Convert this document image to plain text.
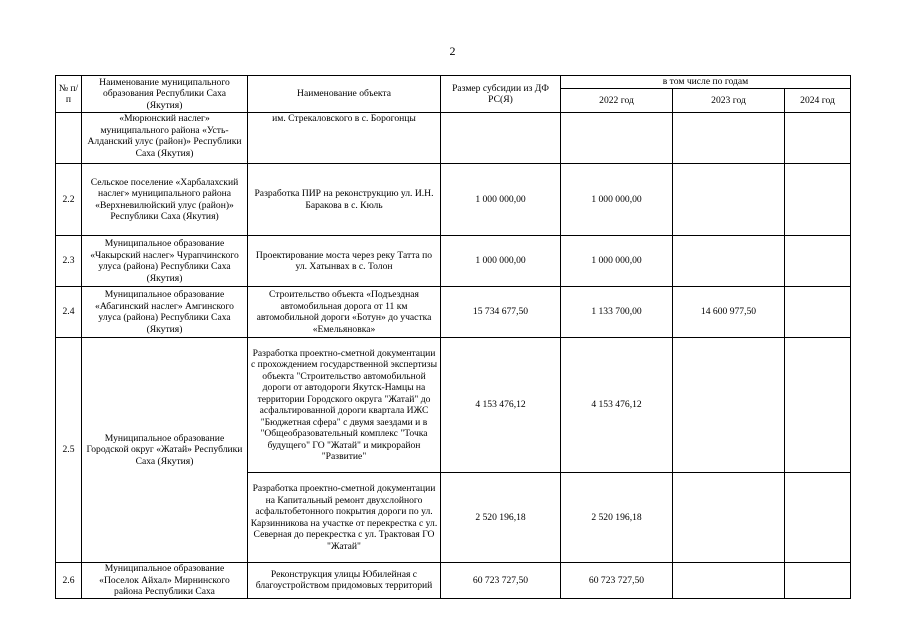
2
№ п/п	Наименование муниципального образования Республики Саха (Якутия)	Наименование объекта	Размер субсидии из ДФ РС(Я)	в том числе по годам		
				2022 год	2023 год	2024 год
	«Мюрюнский наслег» муниципального района «Усть-Алданский улус (район)» Республики Саха (Якутия)	им. Стрекаловского в с. Борогонцы				
2.2	Сельское поселение «Хаpбалахский наслег» муниципального района «Верхневилюйский улус (район)» Республики Саха (Якутия)	Разработка ПИР на реконструкцию ул. И.Н. Баракова в с. Кюль	1 000 000,00	1 000 000,00		
2.3	Муниципальное образование «Чакырский наслег» Чурапчинского улуса (района) Республики Саха (Якутия)	Проектирование моста через реку Татта по ул. Хатынвах в с. Толон	1 000 000,00	1 000 000,00		
2.4	Муниципальное образование «Абагинский наслег» Амгинского улуса (района) Республики Саха (Якутия)	Строительство объекта «Подъездная автомобильная дорога от 11 км автомобильной дороги «Ботун» до участка «Емельяновка»	15 734 677,50	1 133 700,00	14 600 977,50	
2.5	Муниципальное образование Городской округ «Жатай» Республики Саха (Якутия)	Разработка проектно-сметной документации с прохождением государственной экспертизы объекта "Строительство автомобильной дороги от автодороги Якутск-Намцы на территории Городского округа "Жатай" до асфальтированной дороги квартала ИЖС "Бюджетная сфера" с двумя заездами и в "Общеобразовательный комплекс "Точка будущего" ГО "Жатай" и микрорайон "Развитие"	4 153 476,12	4 153 476,12		
		Разработка проектно-сметной документации на Капитальный ремонт двухслойного асфальтобетонного покрытия дороги по ул. Карзинникова на участке от перекрестка с ул. Северная до перекрестка с ул. Трактовая ГО "Жатай"	2 520 196,18	2 520 196,18		
2.6	Муниципальное образование «Поселок Айхал» Мирнинского района Республики Саха	Реконструкция улицы Юбилейная с благоустройством придомовых территорий	60 723 727,50	60 723 727,50		
